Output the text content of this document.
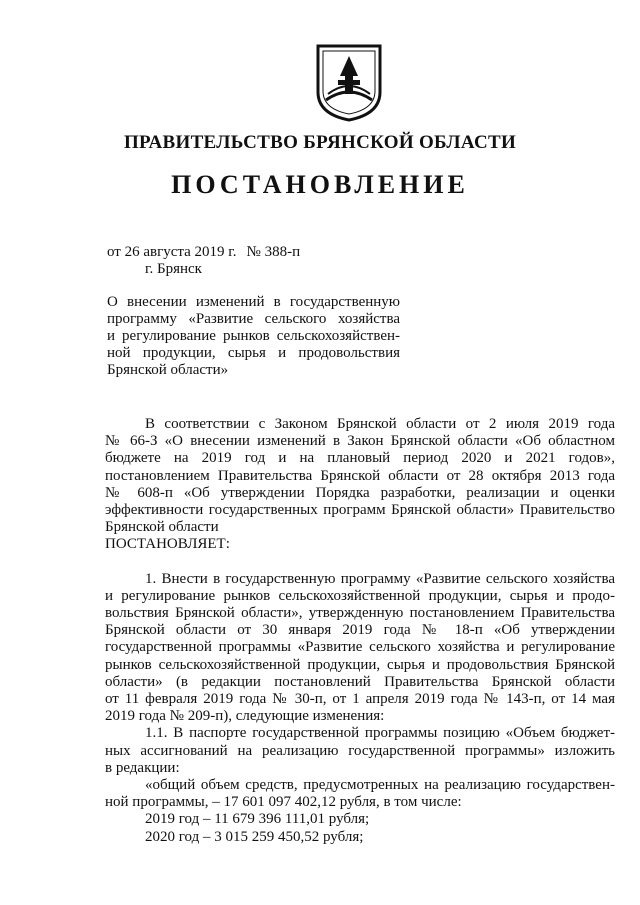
ПРАВИТЕЛЬСТВО БРЯНСКОЙ ОБЛАСТИ
ПОСТАНОВЛЕНИЕ
от 26 августа 2019 г. № 388-п
г. Брянск
О внесении изменений в государственную
программу «Развитие сельского хозяйства
и регулирование рынков сельскохозяйствен-
ной продукции, сырья и продовольствия
Брянской области»
В соответствии с Законом Брянской области от 2 июля 2019 года
№ 66-З «О внесении изменений в Закон Брянской области «Об областном
бюджете на 2019 год и на плановый период 2020 и 2021 годов»,
постановлением Правительства Брянской области от 28 октября 2013 года
№ 608-п «Об утверждении Порядка разработки, реализации и оценки
эффективности государственных программ Брянской области» Правительство
Брянской области
ПОСТАНОВЛЯЕТ:
1. Внести в государственную программу «Развитие сельского хозяйства
и регулирование рынков сельскохозяйственной продукции, сырья и продо-
вольствия Брянской области», утвержденную постановлением Правительства
Брянской области от 30 января 2019 года № 18-п «Об утверждении
государственной программы «Развитие сельского хозяйства и регулирование
рынков сельскохозяйственной продукции, сырья и продовольствия Брянской
области» (в редакции постановлений Правительства Брянской области
от 11 февраля 2019 года № 30-п, от 1 апреля 2019 года № 143-п, от 14 мая
2019 года № 209-п), следующие изменения:
1.1. В паспорте государственной программы позицию «Объем бюджет-
ных ассигнований на реализацию государственной программы» изложить
в редакции:
«общий объем средств, предусмотренных на реализацию государствен-
ной программы, – 17 601 097 402,12 рубля, в том числе:
2019 год – 11 679 396 111,01 рубля;
2020 год – 3 015 259 450,52 рубля;
